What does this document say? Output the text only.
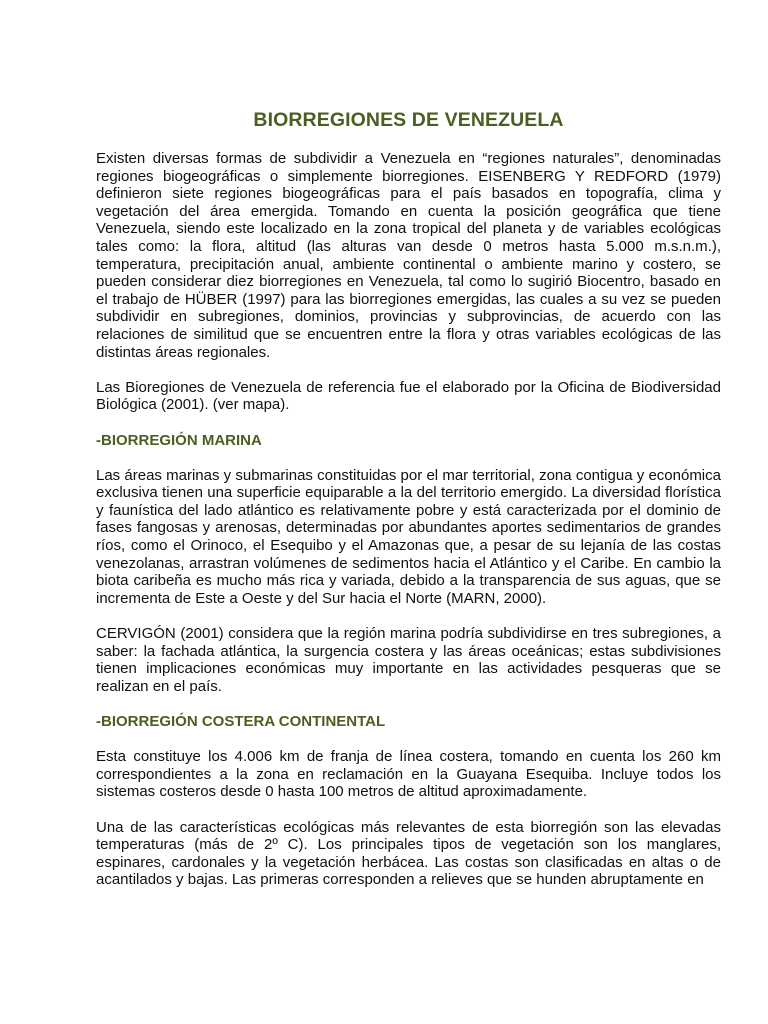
BIORREGIONES DE VENEZUELA

Existen diversas formas de subdividir a Venezuela en “regiones naturales”, denominadas regiones biogeográficas o simplemente biorregiones. EISENBERG Y REDFORD (1979) definieron siete regiones biogeográficas para el país basados en topografía, clima y vegetación del área emergida. Tomando en cuenta la posición geográfica que tiene Venezuela, siendo este localizado en la zona tropical del planeta y de variables ecológicas tales como: la flora, altitud (las alturas van desde 0 metros hasta 5.000 m.s.n.m.), temperatura, precipitación anual, ambiente continental o ambiente marino y costero, se pueden considerar diez biorregiones en Venezuela, tal como lo sugirió Biocentro, basado en el trabajo de HÜBER (1997) para las biorregiones emergidas, las cuales a su vez se pueden subdividir en subregiones, dominios, provincias y subprovincias, de acuerdo con las relaciones de similitud que se encuentren entre la flora y otras variables ecológicas de las distintas áreas regionales.

Las Bioregiones de Venezuela de referencia fue el elaborado por la Oficina de Biodiversidad Biológica (2001). (ver mapa).

-BIORREGIÓN MARINA

Las áreas marinas y submarinas constituidas por el mar territorial, zona contigua y económica exclusiva tienen una superficie equiparable a la del territorio emergido. La diversidad florística y faunística del lado atlántico es relativamente pobre y está caracterizada por el dominio de fases fangosas y arenosas, determinadas por abundantes aportes sedimentarios de grandes ríos, como el Orinoco, el Esequibo y el Amazonas que, a pesar de su lejanía de las costas venezolanas, arrastran volúmenes de sedimentos hacia el Atlántico y el Caribe. En cambio la biota caribeña es mucho más rica y variada, debido a la transparencia de sus aguas, que se incrementa de Este a Oeste y del Sur hacia el Norte (MARN, 2000).

CERVIGÓN (2001) considera que la región marina podría subdividirse en tres subregiones, a saber: la fachada atlántica, la surgencia costera y las áreas oceánicas; estas subdivisiones tienen implicaciones económicas muy importante en las actividades pesqueras que se realizan en el país.

-BIORREGIÓN COSTERA CONTINENTAL

Esta constituye los 4.006 km de franja de línea costera, tomando en cuenta los 260 km correspondientes a la zona en reclamación en la Guayana Esequiba. Incluye todos los sistemas costeros desde 0 hasta 100 metros de altitud aproximadamente.

Una de las características ecológicas más relevantes de esta biorregión son las elevadas temperaturas (más de 2º C). Los principales tipos de vegetación son los manglares, espinares, cardonales y la vegetación herbácea. Las costas son clasificadas en altas o de acantilados y bajas. Las primeras corresponden a relieves que se hunden abruptamente en
